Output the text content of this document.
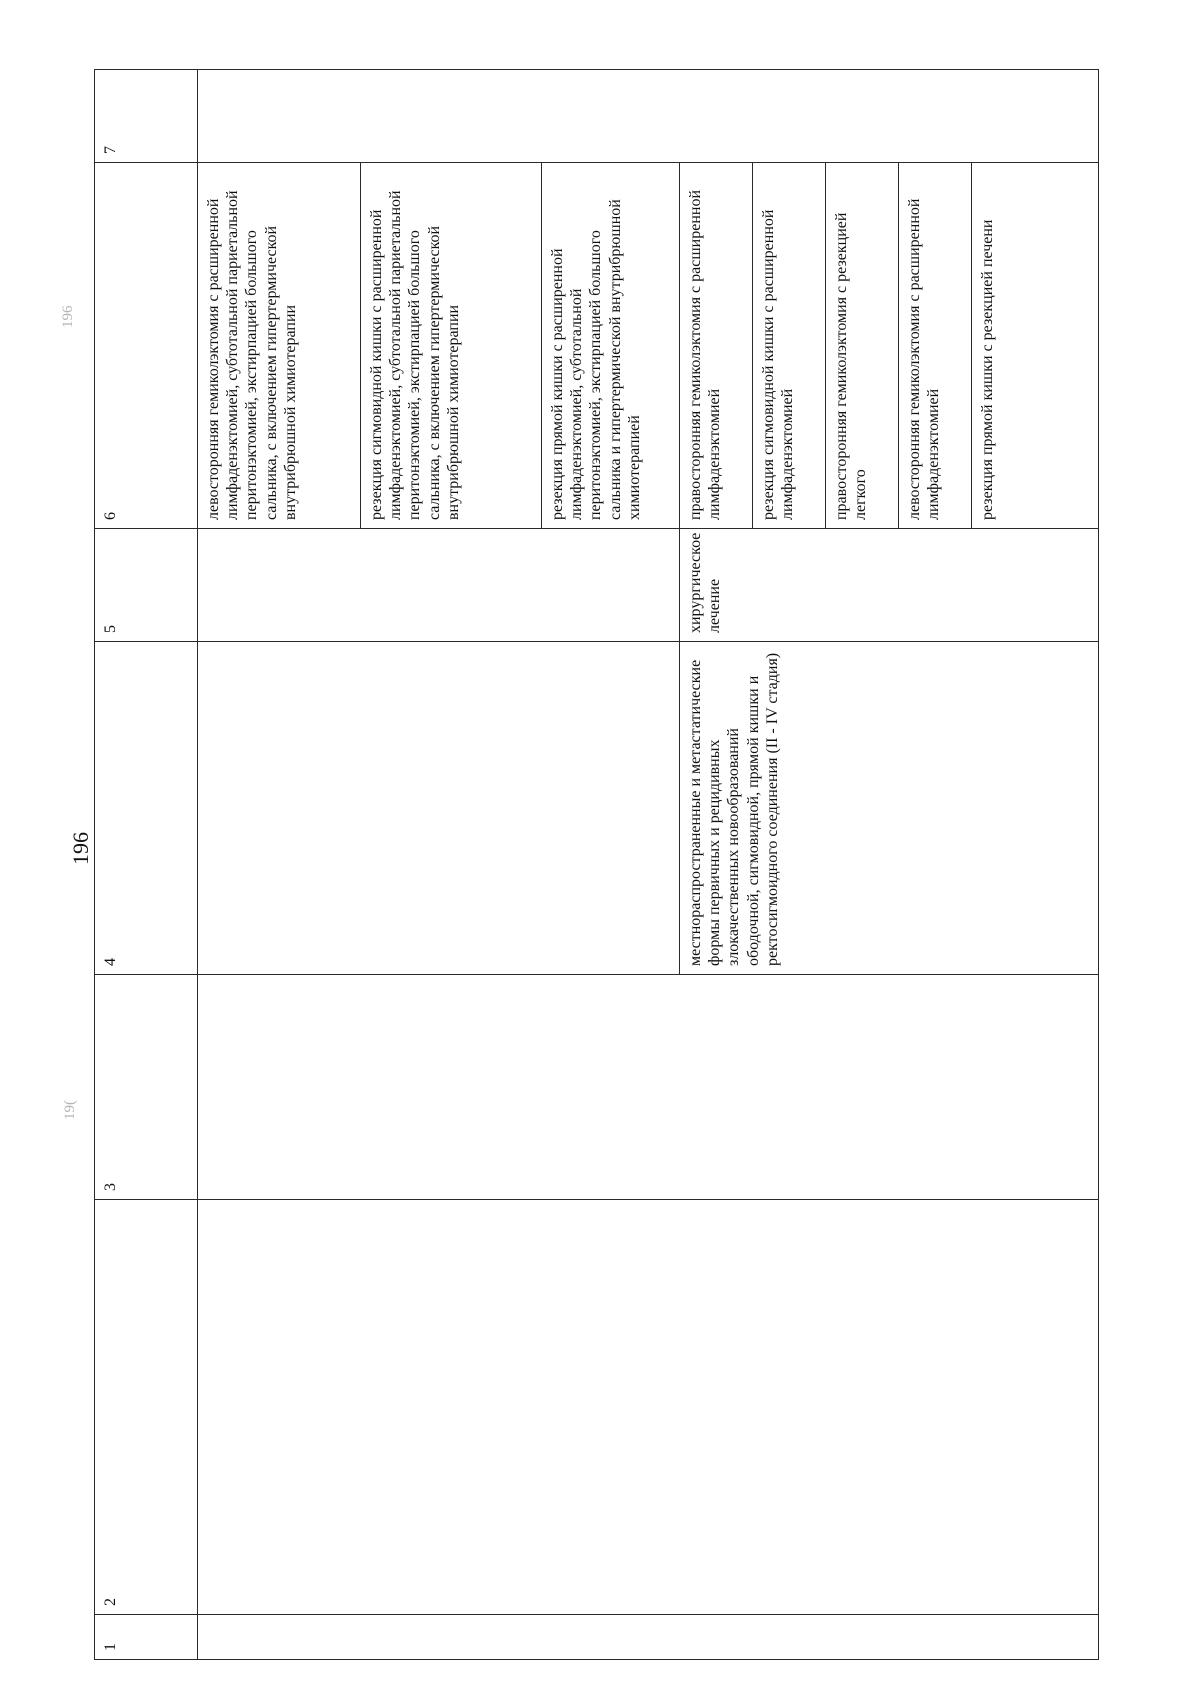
196
19(
196
1	2	3	4	5	6	7
					левосторонняя гемиколэктомия с расширенной лимфаденэктомией, субтотальной париетальной перитонэктомией, экстирпацией большого сальника, с включением гипертермической внутрибрюшной химиотерапии	
					резекция сигмовидной кишки с расширенной лимфаденэктомией, субтотальной париетальной перитонэктомией, экстирпацией большого сальника, с включением гипертермической внутрибрюшной химиотерапии	
					резекция прямой кишки с расширенной лимфаденэктомией, субтотальной перитонэктомией, экстирпацией большого сальника и гипертермической внутрибрюшной химиотерапией	
			местнораспространенные и метастатические формы первичных и рецидивных злокачественных новообразований ободочной, сигмовидной, прямой кишки и ректосигмоидного соединения (II - IV стадия)	хирургическое лечение	правосторонняя гемиколэктомия с расширенной лимфаденэктомией	
					резекция сигмовидной кишки с расширенной лимфаденэктомией	
					правосторонняя гемиколэктомия с резекцией легкого	
					левосторонняя гемиколэктомия с расширенной лимфаденэктомией	
					резекция прямой кишки с резекцией печени	
